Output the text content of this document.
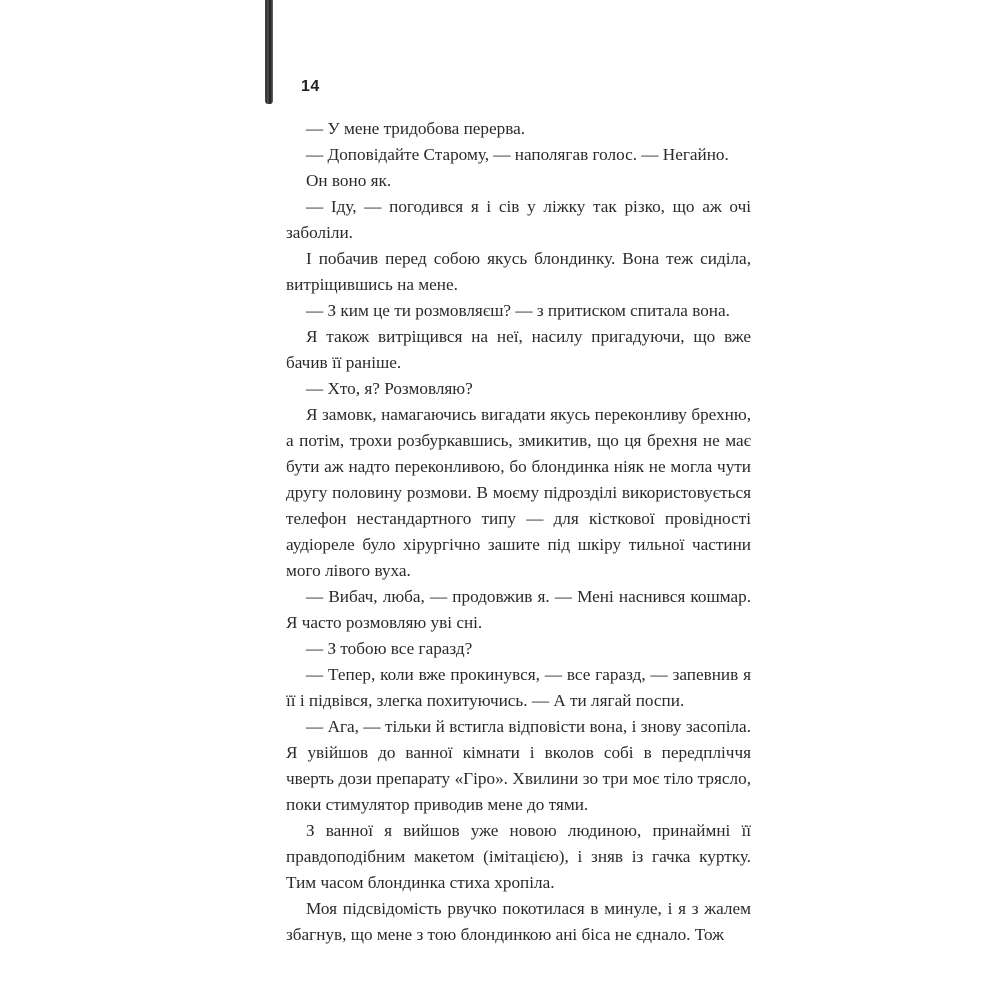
14

— У мене тридобова перерва.

— Доповідайте Старому, — наполягав голос. — Негайно.

Он воно як.

— Іду, — погодився я і сів у ліжку так різко, що аж очі заболіли.

І побачив перед собою якусь блондинку. Вона теж сиділа, витріщившись на мене.

— З ким це ти розмовляєш? — з притиском спитала вона.

Я також витріщився на неї, насилу пригадуючи, що вже бачив її раніше.

— Хто, я? Розмовляю?

Я замовк, намагаючись вигадати якусь переконливу брехню, а потім, трохи розбуркавшись, змикитив, що ця брехня не має бути аж надто переконливою, бо блондинка ніяк не могла чути другу половину розмови. В моєму підрозділі використовується телефон нестандартного типу — для кісткової провідності аудіореле було хірургічно зашите під шкіру тильної частини мого лівого вуха.

— Вибач, люба, — продовжив я. — Мені наснився кошмар. Я часто розмовляю уві сні.

— З тобою все гаразд?

— Тепер, коли вже прокинувся, — все гаразд, — запевнив я її і підвівся, злегка похитуючись. — А ти лягай поспи.

— Ага, — тільки й встигла відповісти вона, і знову засопіла. Я увійшов до ванної кімнати і вколов собі в передпліччя чверть дози препарату «Гіро». Хвилини зо три моє тіло трясло, поки стимулятор приводив мене до тями.

З ванної я вийшов уже новою людиною, принаймні її правдоподібним макетом (імітацією), і зняв із гачка куртку. Тим часом блондинка стиха хропіла.

Моя підсвідомість рвучко покотилася в минуле, і я з жалем збагнув, що мене з тою блондинкою ані біса не єднало. Тож
